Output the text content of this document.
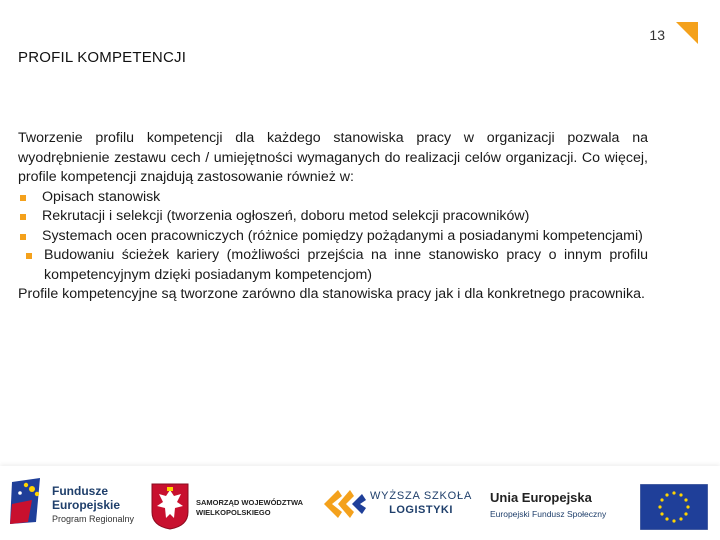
13
PROFIL KOMPETENCJI

Tworzenie profilu kompetencji dla każdego stanowiska pracy w organizacji pozwala na wyodrębnienie zestawu cech / umiejętności wymaganych do realizacji celów organizacji. Co więcej, profile kompetencji znajdują zastosowanie również w:

Opisach stanowisk
Rekrutacji i selekcji (tworzenia ogłoszeń, doboru metod selekcji pracowników)
Systemach ocen pracowniczych (różnice pomiędzy pożądanymi a posiadanymi kompetencjami)
Budowaniu ścieżek kariery (możliwości przejścia na inne stanowisko pracy o innym profilu kompetencyjnym dzięki posiadanym kompetencjom)

Profile kompetencyjne są tworzone zarówno dla stanowiska pracy jak i dla konkretnego pracownika.

Fundusze
Europejskie
Program Regionalny
SAMORZĄD WOJEWÓDZTWA
WIELKOPOLSKIEGO
WYŻSZA SZKOŁA
LOGISTYKI
Unia Europejska
Europejski Fundusz Społeczny
